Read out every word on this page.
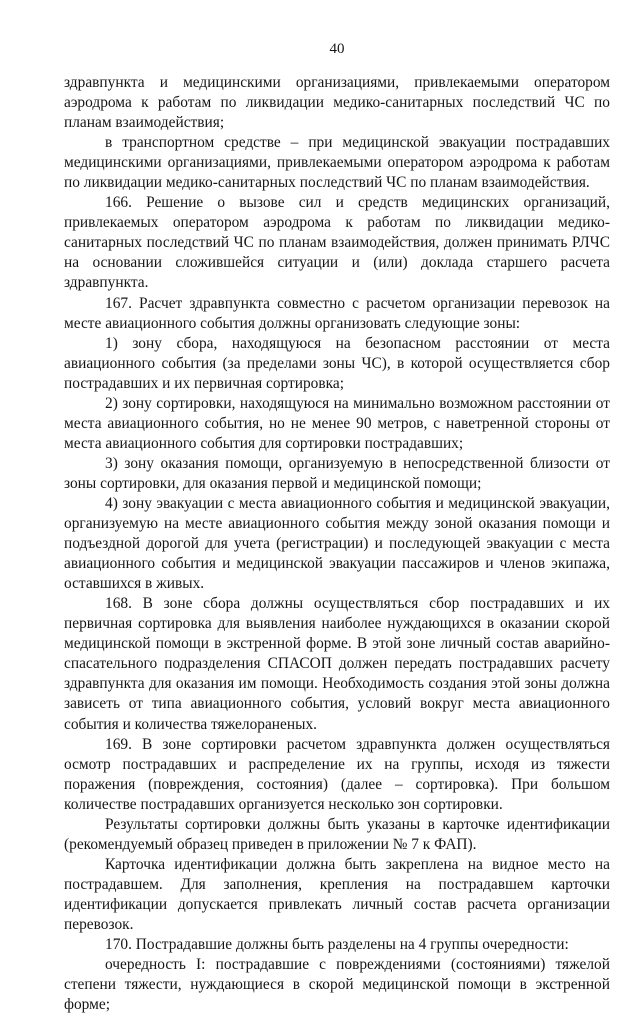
40

здравпункта и медицинскими организациями, привлекаемыми оператором аэродрома к работам по ликвидации медико-санитарных последствий ЧС по планам взаимодействия;

в транспортном средстве – при медицинской эвакуации пострадавших медицинскими организациями, привлекаемыми оператором аэродрома к работам по ликвидации медико-санитарных последствий ЧС по планам взаимодействия.

166. Решение о вызове сил и средств медицинских организаций, привлекаемых оператором аэродрома к работам по ликвидации медико-санитарных последствий ЧС по планам взаимодействия, должен принимать РЛЧС на основании сложившейся ситуации и (или) доклада старшего расчета здравпункта.

167. Расчет здравпункта совместно с расчетом организации перевозок на месте авиационного события должны организовать следующие зоны:

1) зону сбора, находящуюся на безопасном расстоянии от места авиационного события (за пределами зоны ЧС), в которой осуществляется сбор пострадавших и их первичная сортировка;

2) зону сортировки, находящуюся на минимально возможном расстоянии от места авиационного события, но не менее 90 метров, с наветренной стороны от места авиационного события для сортировки пострадавших;

3) зону оказания помощи, организуемую в непосредственной близости от зоны сортировки, для оказания первой и медицинской помощи;

4) зону эвакуации с места авиационного события и медицинской эвакуации, организуемую на месте авиационного события между зоной оказания помощи и подъездной дорогой для учета (регистрации) и последующей эвакуации с места авиационного события и медицинской эвакуации пассажиров и членов экипажа, оставшихся в живых.

168. В зоне сбора должны осуществляться сбор пострадавших и их первичная сортировка для выявления наиболее нуждающихся в оказании скорой медицинской помощи в экстренной форме. В этой зоне личный состав аварийно-спасательного подразделения СПАСОП должен передать пострадавших расчету здравпункта для оказания им помощи. Необходимость создания этой зоны должна зависеть от типа авиационного события, условий вокруг места авиационного события и количества тяжелораненых.

169. В зоне сортировки расчетом здравпункта должен осуществляться осмотр пострадавших и распределение их на группы, исходя из тяжести поражения (повреждения, состояния) (далее – сортировка). При большом количестве пострадавших организуется несколько зон сортировки.

Результаты сортировки должны быть указаны в карточке идентификации (рекомендуемый образец приведен в приложении № 7 к ФАП).

Карточка идентификации должна быть закреплена на видное место на пострадавшем. Для заполнения, крепления на пострадавшем карточки идентификации допускается привлекать личный состав расчета организации перевозок.

170. Пострадавшие должны быть разделены на 4 группы очередности:

очередность I: пострадавшие с повреждениями (состояниями) тяжелой степени тяжести, нуждающиеся в скорой медицинской помощи в экстренной форме;
